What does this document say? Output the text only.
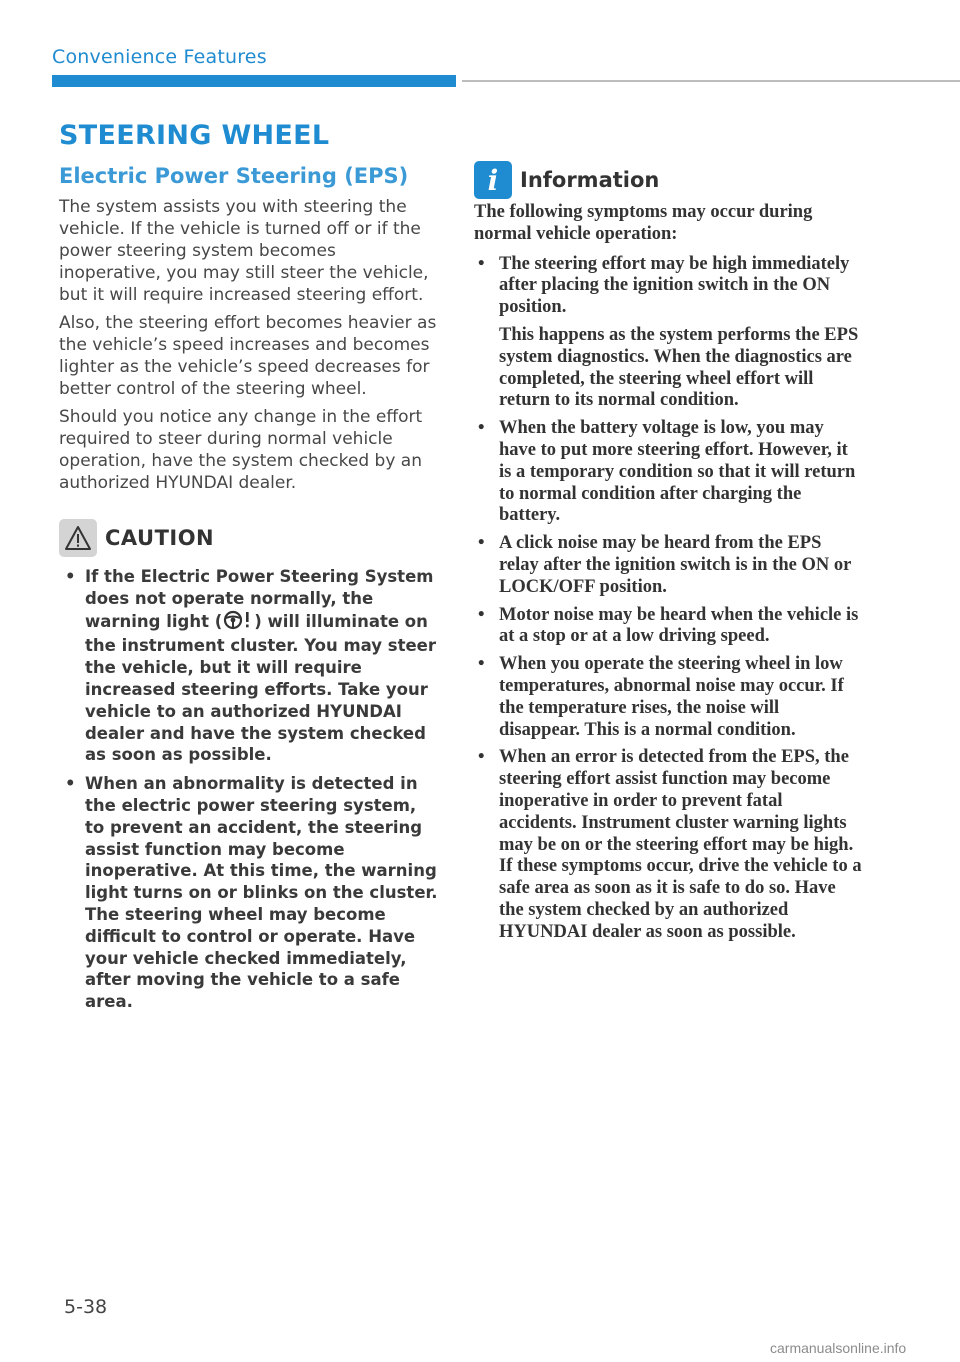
Convenience Features
STEERING WHEEL
Electric Power Steering (EPS)

The system assists you with steering the vehicle. If the vehicle is turned off or if the power steering system becomes inoperative, you may still steer the vehicle, but it will require increased steering effort.

Also, the steering effort becomes heavier as the vehicle’s speed increases and becomes lighter as the vehicle’s speed decreases for better control of the steering wheel.

Should you notice any change in the effort required to steer during normal vehicle operation, have the system checked by an authorized HYUNDAI dealer.

CAUTION
• If the Electric Power Steering System does not operate normally, the warning light ( ) will illuminate on the instrument cluster. You may steer the vehicle, but it will require increased steering efforts. Take your vehicle to an authorized HYUNDAI dealer and have the system checked as soon as possible.
• When an abnormality is detected in the electric power steering system, to prevent an accident, the steering assist function may become inoperative. At this time, the warning light turns on or blinks on the cluster. The steering wheel may become difficult to control or operate. Have your vehicle checked immediately, after moving the vehicle to a safe area.
i	Information

The following symptoms may occur during normal vehicle operation:

• The steering effort may be high immediately after placing the ignition switch in the ON position.
This happens as the system performs the EPS system diagnostics. When the diagnostics are completed, the steering wheel effort will return to its normal condition.
• When the battery voltage is low, you may have to put more steering effort. However, it is a temporary condition so that it will return to normal condition after charging the battery.
• A click noise may be heard from the EPS relay after the ignition switch is in the ON or LOCK/OFF position.
• Motor noise may be heard when the vehicle is at a stop or at a low driving speed.
• When you operate the steering wheel in low temperatures, abnormal noise may occur. If the temperature rises, the noise will disappear. This is a normal condition.
• When an error is detected from the EPS, the steering effort assist function may become inoperative in order to prevent fatal accidents. Instrument cluster warning lights may be on or the steering effort may be high. If these symptoms occur, drive the vehicle to a safe area as soon as it is safe to do so. Have the system checked by an authorized HYUNDAI dealer as soon as possible.
5-38
carmanualsonline.info
